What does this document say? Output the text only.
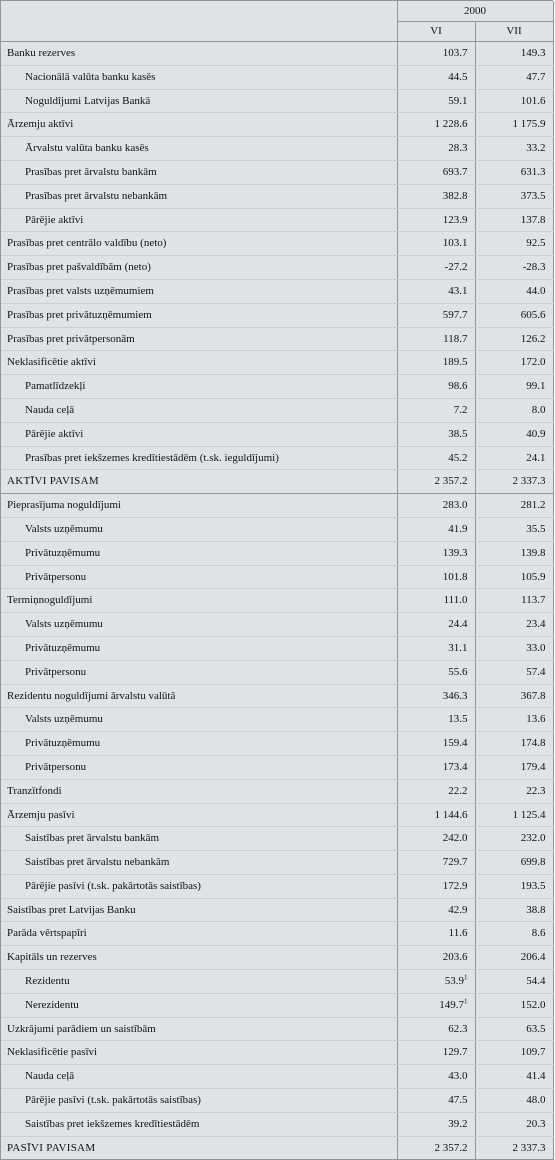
	2000	
	VI	VII
Banku rezerves	103.7	149.3
Nacionālā valūta banku kasēs	44.5	47.7
Noguldījumi Latvijas Bankā	59.1	101.6
Ārzemju aktīvi	1 228.6	1 175.9
Ārvalstu valūta banku kasēs	28.3	33.2
Prasības pret ārvalstu bankām	693.7	631.3
Prasības pret ārvalstu nebankām	382.8	373.5
Pārējie aktīvi	123.9	137.8
Prasības pret centrālo valdību (neto)	103.1	92.5
Prasības pret pašvaldībām (neto)	-27.2	-28.3
Prasības pret valsts uzņēmumiem	43.1	44.0
Prasības pret privātuzņēmumiem	597.7	605.6
Prasības pret privātpersonām	118.7	126.2
Neklasificētie aktīvi	189.5	172.0
Pamatlīdzekļi	98.6	99.1
Nauda ceļā	7.2	8.0
Pārējie aktīvi	38.5	40.9
Prasības pret iekšzemes kredītiestādēm (t.sk. ieguldījumi)	45.2	24.1
AKTĪVI PAVISAM	2 357.2	2 337.3
Pieprasījuma noguldījumi	283.0	281.2
Valsts uzņēmumu	41.9	35.5
Privātuzņēmumu	139.3	139.8
Privātpersonu	101.8	105.9
Termiņnoguldījumi	111.0	113.7
Valsts uzņēmumu	24.4	23.4
Privātuzņēmumu	31.1	33.0
Privātpersonu	55.6	57.4
Rezidentu noguldījumi ārvalstu valūtā	346.3	367.8
Valsts uzņēmumu	13.5	13.6
Privātuzņēmumu	159.4	174.8
Privātpersonu	173.4	179.4
Tranzītfondi	22.2	22.3
Ārzemju pasīvi	1 144.6	1 125.4
Saistības pret ārvalstu bankām	242.0	232.0
Saistības pret ārvalstu nebankām	729.7	699.8
Pārējie pasīvi (t.sk. pakārtotās saistības)	172.9	193.5
Saistības pret Latvijas Banku	42.9	38.8
Parāda vērtspapīri	11.6	8.6
Kapitāls un rezerves	203.6	206.4
Rezidentu	53.9$^1$	54.4
Nerezidentu	149.7$^1$	152.0
Uzkrājumi parādiem un saistībām	62.3	63.5
Neklasificētie pasīvi	129.7	109.7
Nauda ceļā	43.0	41.4
Pārējie pasīvi (t.sk. pakārtotās saistības)	47.5	48.0
Saistības pret iekšzemes kredītiestādēm	39.2	20.3
PASĪVI PAVISAM	2 357.2	2 337.3
